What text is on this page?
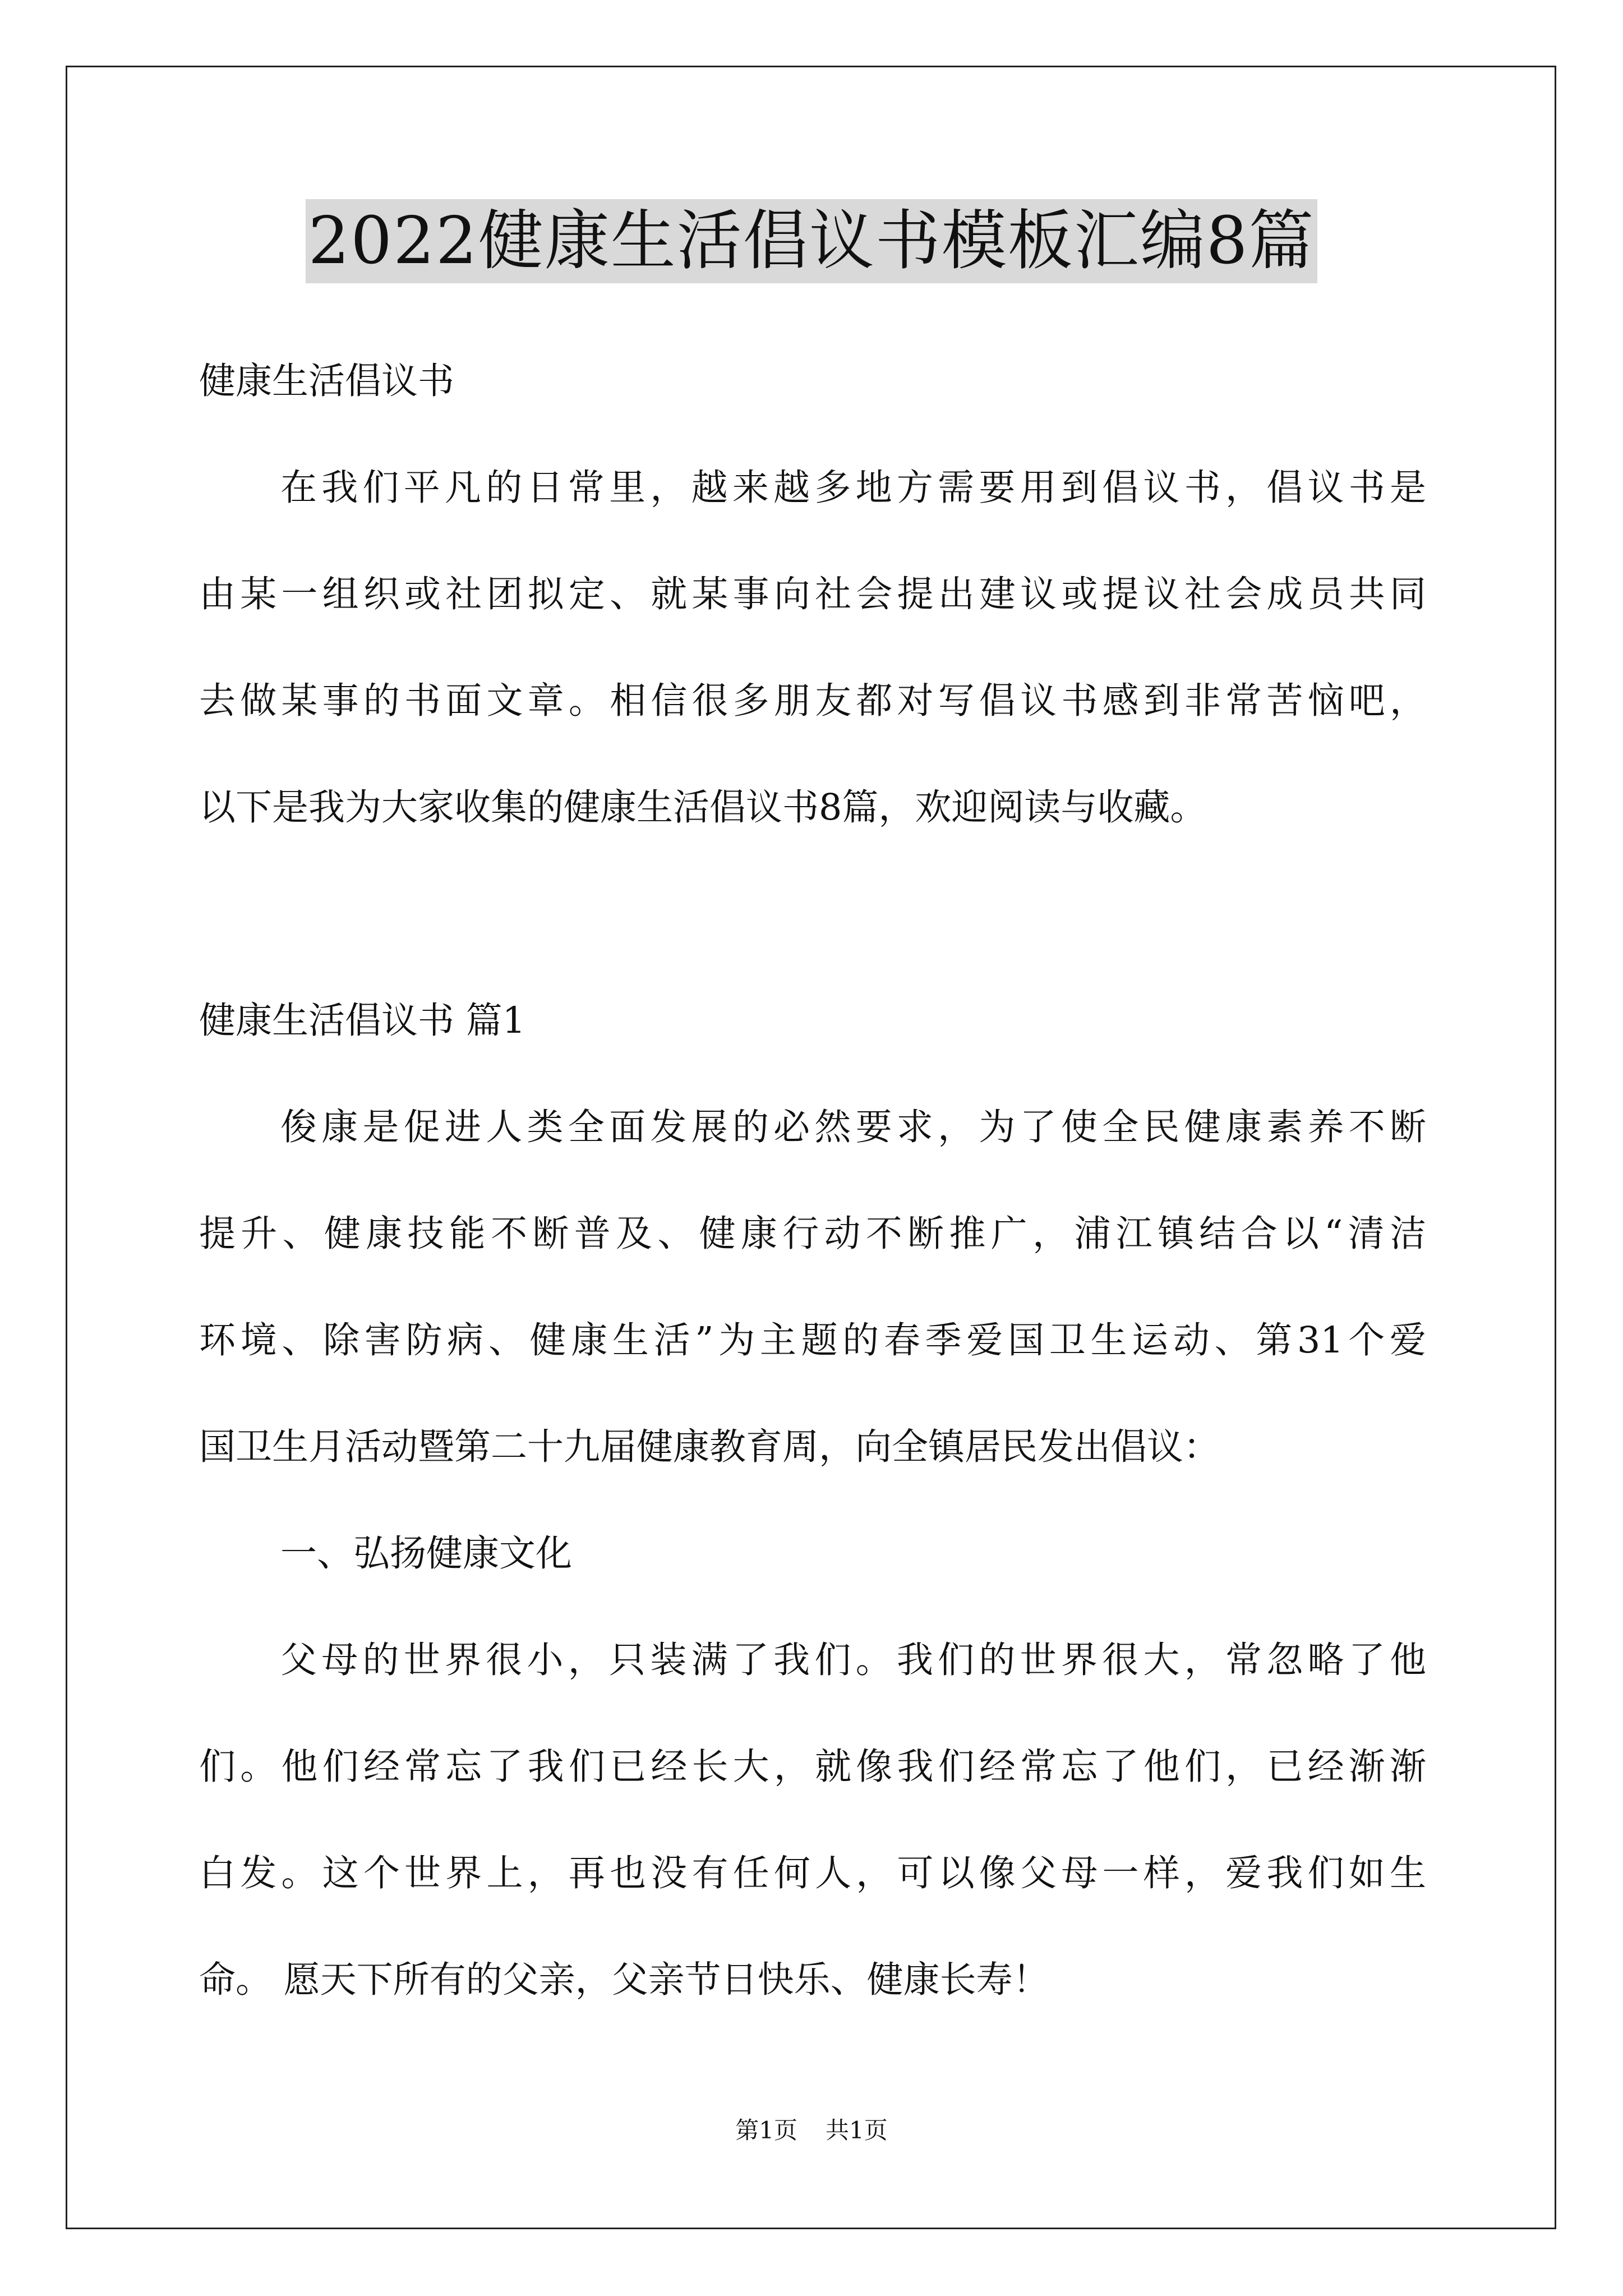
2022健康生活倡议书模板汇编8篇
健康生活倡议书
在我们平凡的日常里，越来越多地方需要用到倡议书，倡议书是
由某一组织或社团拟定、就某事向社会提出建议或提议社会成员共同
去做某事的书面文章。相信很多朋友都对写倡议书感到非常苦恼吧，
以下是我为大家收集的健康生活倡议书8篇，欢迎阅读与收藏。
健康生活倡议书 篇1
俊康是促进人类全面发展的必然要求，为了使全民健康素养不断
提升、健康技能不断普及、健康行动不断推广，浦江镇结合以“清洁
环境、除害防病、健康生活”为主题的春季爱国卫生运动、第31个爱
国卫生月活动暨第二十九届健康教育周，向全镇居民发出倡议：
一、弘扬健康文化
父母的世界很小，只装满了我们。我们的世界很大，常忽略了他
们。他们经常忘了我们已经长大，就像我们经常忘了他们，已经渐渐
白发。这个世界上，再也没有任何人，可以像父母一样，爱我们如生
命。 愿天下所有的父亲，父亲节日快乐、健康长寿！
第1页 共1页
